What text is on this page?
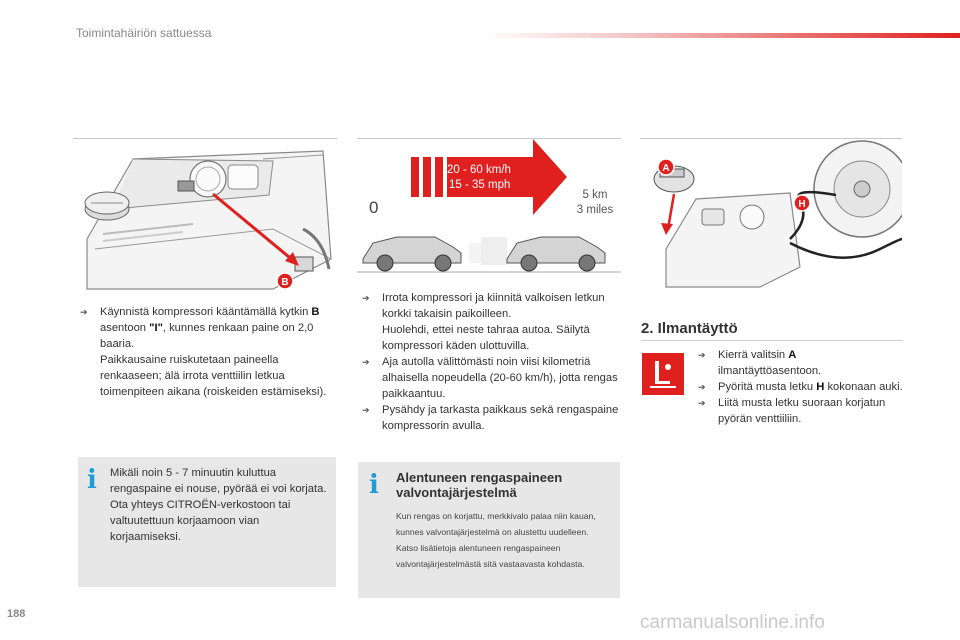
Toimintahäiriön sattuessa
B
20 - 60 km/h
15 - 35 mph
5 km
3 miles
0
A
H
➔ Käynnistä kompressori kääntämällä kytkin B asentoon "I", kunnes renkaan paine on 2,0 baaria.
Paikkausaine ruiskutetaan paineella renkaaseen; älä irrota venttiilin letkua toimenpiteen aikana (roiskeiden estämiseksi).
➔ Irrota kompressori ja kiinnitä valkoisen letkun korkki takaisin paikoilleen.
Huolehdi, ettei neste tahraa autoa. Säilytä kompressori käden ulottuvilla.
➔ Aja autolla välittömästi noin viisi kilometriä alhaisella nopeudella (20-60 km/h), jotta rengas paikkaantuu.
➔ Pysähdy ja tarkasta paikkaus sekä rengaspaine kompressorin avulla.
2. Ilmantäyttö
➔ Kierrä valitsin A
ilmantäyttöasentoon.
➔ Pyöritä musta letku H kokonaan auki.
➔ Liitä musta letku suoraan korjatun pyörän venttiiliin.
i Mikäli noin 5 - 7 minuutin kuluttua rengaspaine ei nouse, pyörää ei voi korjata. Ota yhteys CITROËN-verkostoon tai valtuutettuun korjaamoon vian korjaamiseksi.
i Alentuneen rengaspaineen valvontajärjestelmä
Kun rengas on korjattu, merkkivalo palaa niin kauan, kunnes valvontajärjestelmä on alustettu uudelleen.
Katso lisätietoja alentuneen rengaspaineen valvontajärjestelmästä sitä vastaavasta kohdasta.
188	carmanualsonline.info
